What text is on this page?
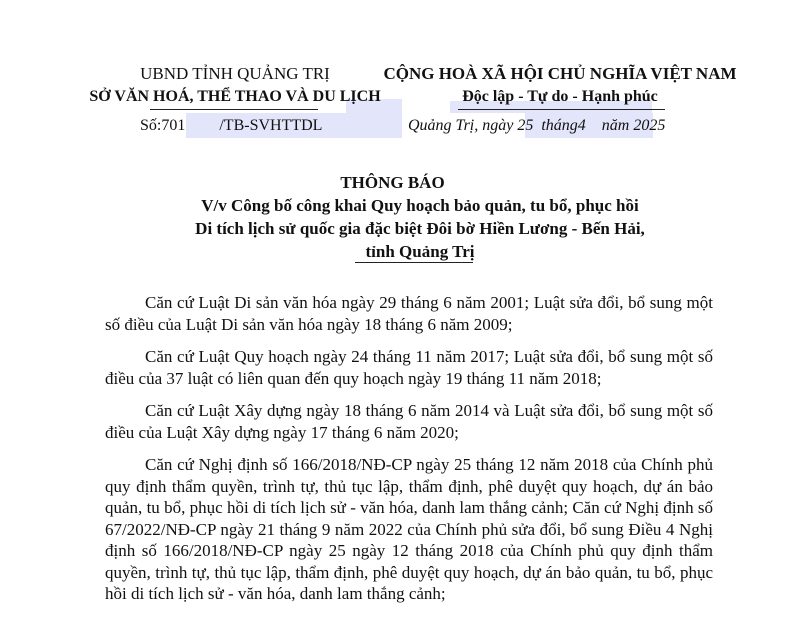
UBND TỈNH QUẢNG TRỊ
SỞ VĂN HOÁ, THỂ THAO VÀ DU LỊCH
Số:701 /TB-SVHTTDL
CỘNG HOÀ XÃ HỘI CHỦ NGHĨA VIỆT NAM
Độc lập - Tự do - Hạnh phúc
Quảng Trị, ngày 25 tháng4 năm 2025
THÔNG BÁO
V/v Công bố công khai Quy hoạch bảo quản, tu bổ, phục hồi
Di tích lịch sử quốc gia đặc biệt Đôi bờ Hiền Lương - Bến Hải,
tỉnh Quảng Trị

Căn cứ Luật Di sản văn hóa ngày 29 tháng 6 năm 2001; Luật sửa đổi, bổ sung một số điều của Luật Di sản văn hóa ngày 18 tháng 6 năm 2009;

Căn cứ Luật Quy hoạch ngày 24 tháng 11 năm 2017; Luật sửa đổi, bổ sung một số điều của 37 luật có liên quan đến quy hoạch ngày 19 tháng 11 năm 2018;

Căn cứ Luật Xây dựng ngày 18 tháng 6 năm 2014 và Luật sửa đổi, bổ sung một số điều của Luật Xây dựng ngày 17 tháng 6 năm 2020;

Căn cứ Nghị định số 166/2018/NĐ-CP ngày 25 tháng 12 năm 2018 của Chính phủ quy định thẩm quyền, trình tự, thủ tục lập, thẩm định, phê duyệt quy hoạch, dự án bảo quản, tu bổ, phục hồi di tích lịch sử - văn hóa, danh lam thắng cảnh; Căn cứ Nghị định số 67/2022/NĐ-CP ngày 21 tháng 9 năm 2022 của Chính phủ sửa đổi, bổ sung Điều 4 Nghị định số 166/2018/NĐ-CP ngày 25 ngày 12 tháng 2018 của Chính phủ quy định thẩm quyền, trình tự, thủ tục lập, thẩm định, phê duyệt quy hoạch, dự án bảo quản, tu bổ, phục hồi di tích lịch sử - văn hóa, danh lam thắng cảnh;
